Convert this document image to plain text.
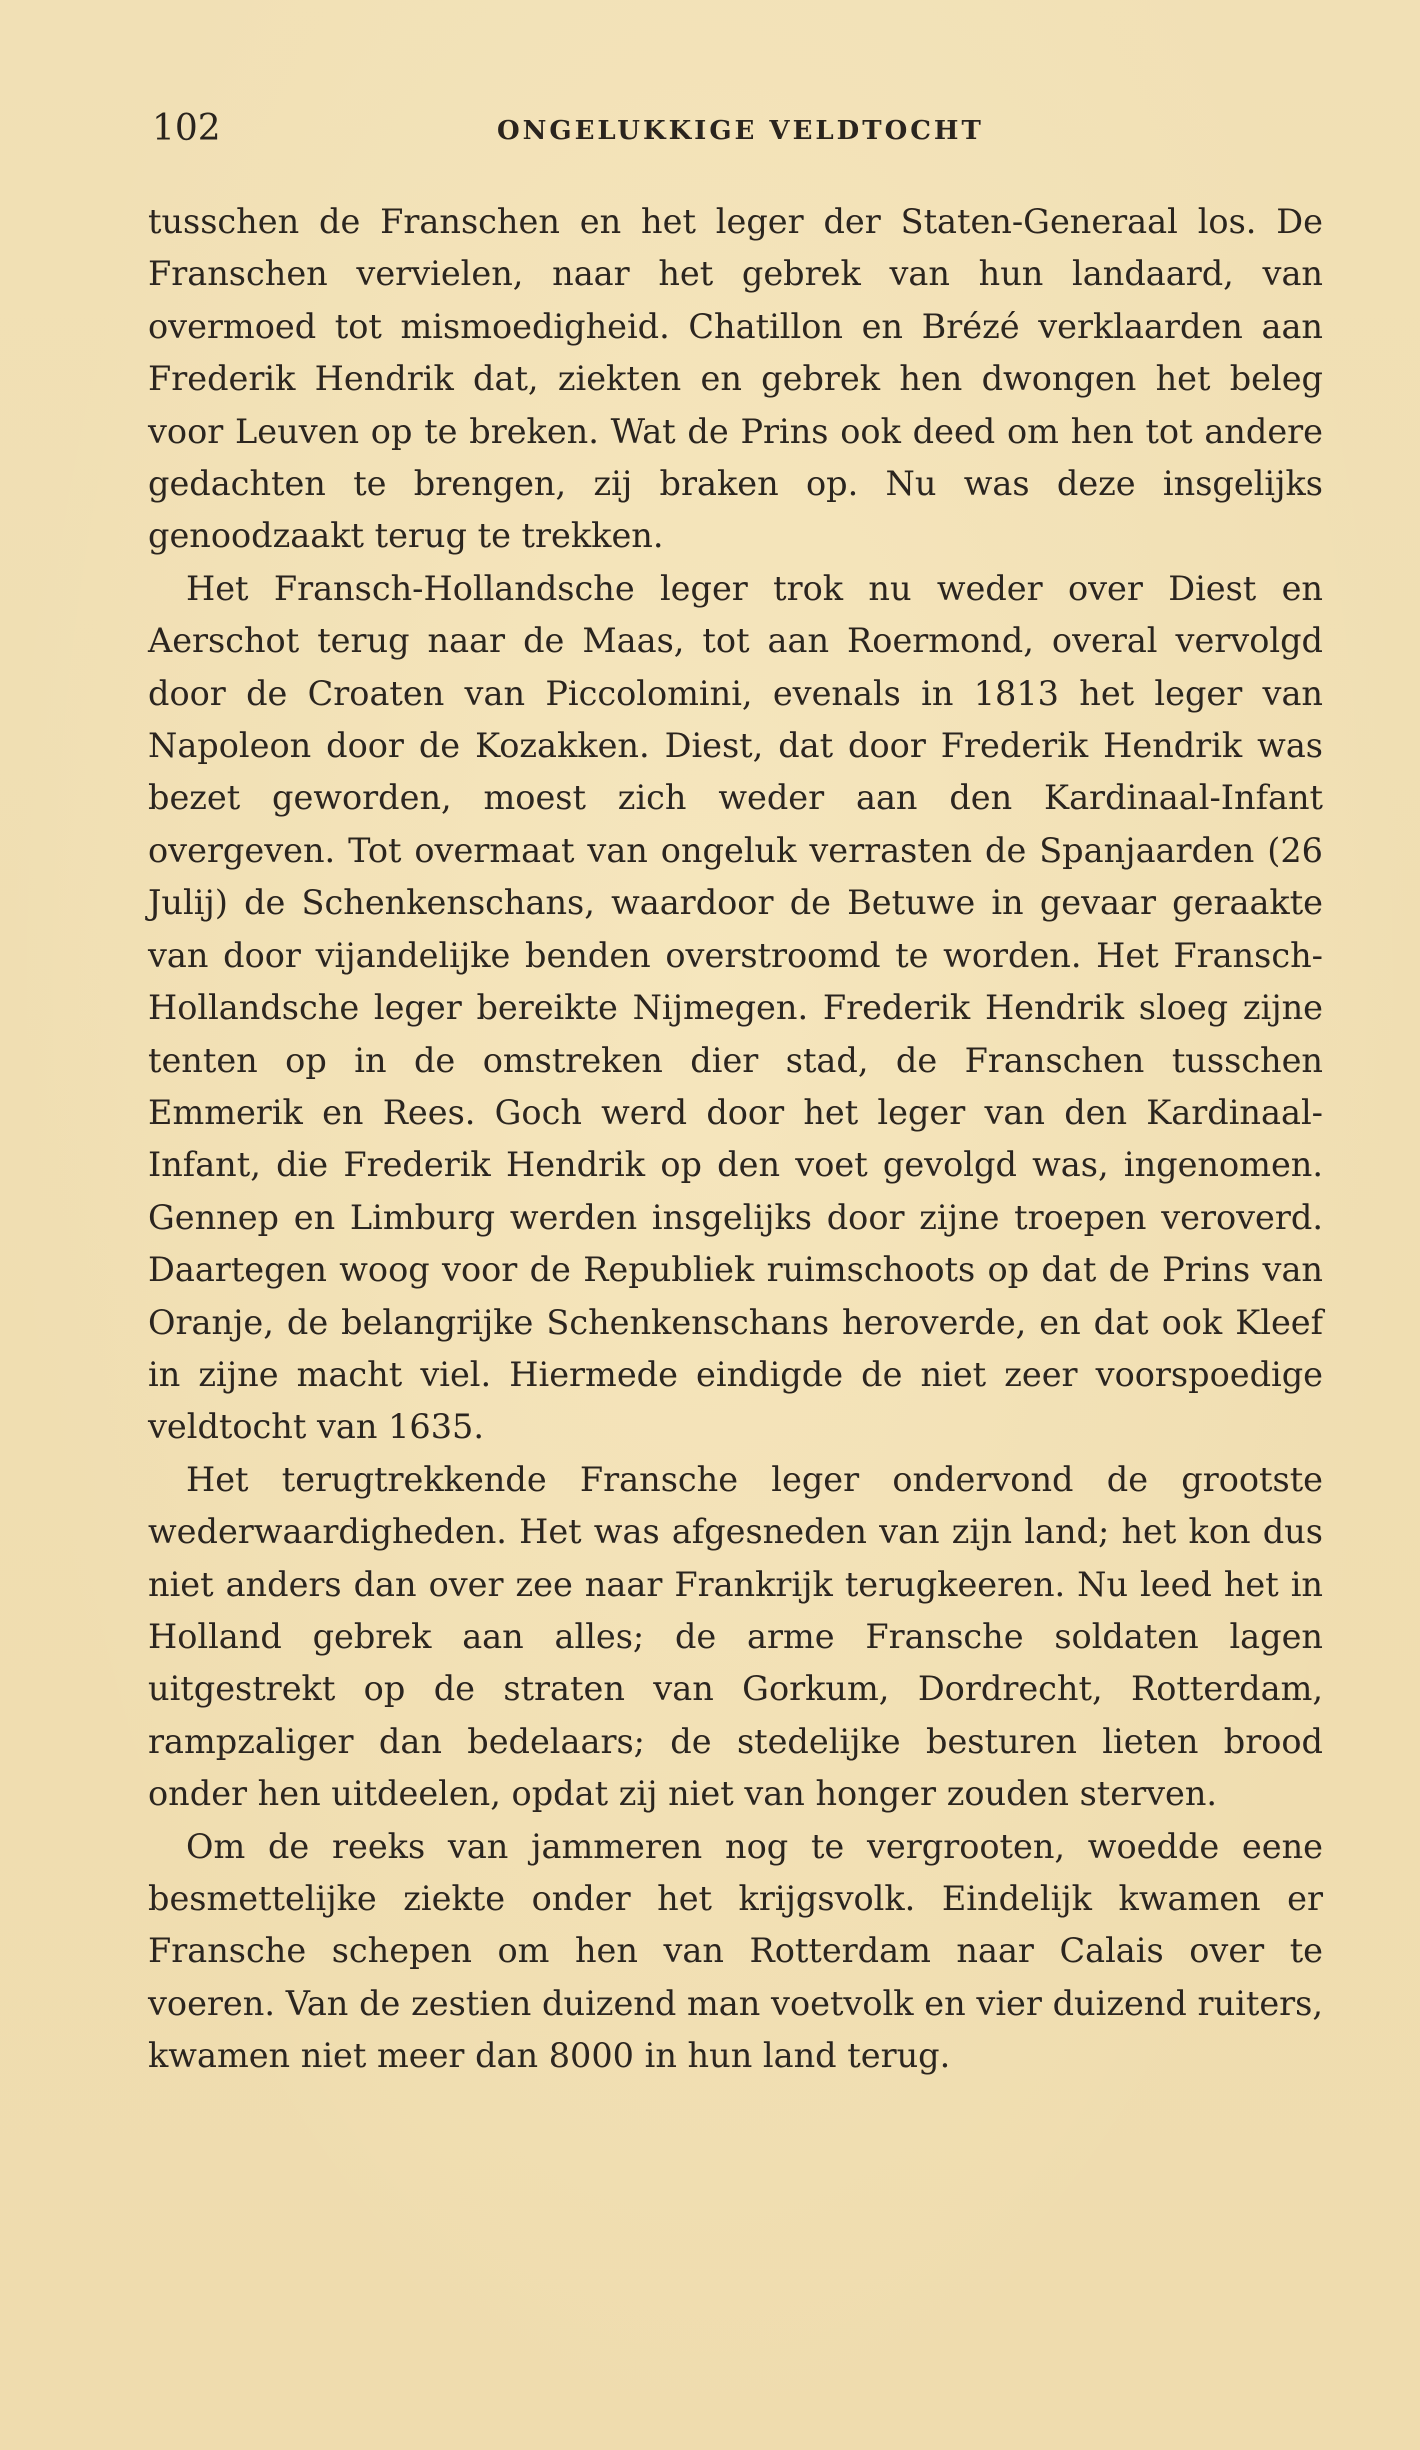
102	ONGELUKKIGE VELDTOCHT

tusschen de Franschen en het leger der Staten-Generaal los. De Franschen vervielen, naar het gebrek van hun landaard, van overmoed tot mismoedigheid. Chatillon en Brézé verklaarden aan Frederik Hendrik dat, ziekten en gebrek hen dwongen het beleg voor Leuven op te breken. Wat de Prins ook deed om hen tot andere gedachten te brengen, zij braken op. Nu was deze insgelijks genoodzaakt terug te trekken.

Het Fransch-Hollandsche leger trok nu weder over Diest en Aerschot terug naar de Maas, tot aan Roermond, overal vervolgd door de Croaten van Piccolomini, evenals in 1813 het leger van Napoleon door de Kozakken. Diest, dat door Frederik Hendrik was bezet geworden, moest zich weder aan den Kardinaal-Infant overgeven. Tot overmaat van ongeluk verrasten de Spanjaarden (26 Julij) de Schenkenschans, waardoor de Betuwe in gevaar geraakte van door vijandelijke benden overstroomd te worden. Het Fransch-Hollandsche leger bereikte Nijmegen. Frederik Hendrik sloeg zijne tenten op in de omstreken dier stad, de Franschen tusschen Emmerik en Rees. Goch werd door het leger van den Kardinaal-Infant, die Frederik Hendrik op den voet gevolgd was, ingenomen. Gennep en Limburg werden insgelijks door zijne troepen veroverd. Daartegen woog voor de Republiek ruimschoots op dat de Prins van Oranje, de belangrijke Schenkenschans heroverde, en dat ook Kleef in zijne macht viel. Hiermede eindigde de niet zeer voorspoedige veldtocht van 1635.

Het terugtrekkende Fransche leger ondervond de grootste wederwaardigheden. Het was afgesneden van zijn land; het kon dus niet anders dan over zee naar Frankrijk terugkeeren. Nu leed het in Holland gebrek aan alles; de arme Fransche soldaten lagen uitgestrekt op de straten van Gorkum, Dordrecht, Rotterdam, rampzaliger dan bedelaars; de stedelijke besturen lieten brood onder hen uitdeelen, opdat zij niet van honger zouden sterven.

Om de reeks van jammeren nog te vergrooten, woedde eene besmettelijke ziekte onder het krijgsvolk. Eindelijk kwamen er Fransche schepen om hen van Rotterdam naar Calais over te voeren. Van de zestien duizend man voetvolk en vier duizend ruiters, kwamen niet meer dan 8000 in hun land terug.
